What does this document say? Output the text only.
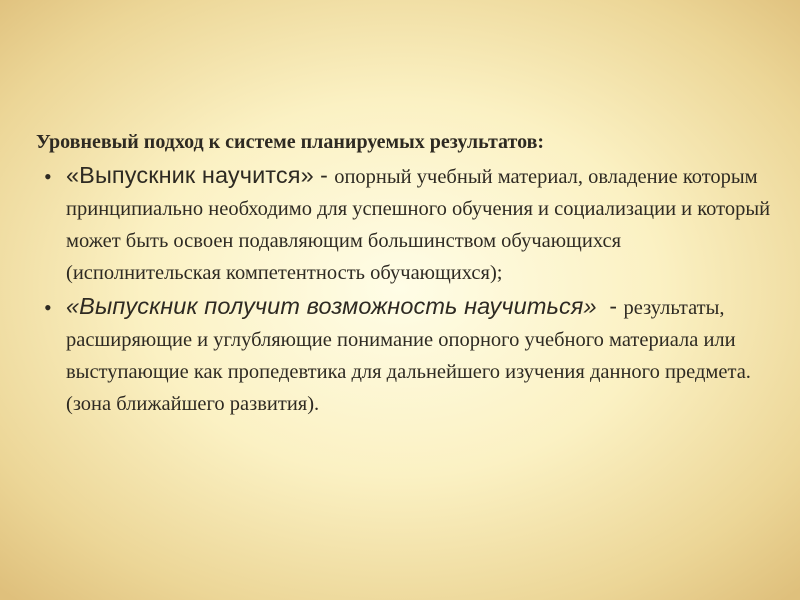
Уровневый подход к системе планируемых результатов:
• «Выпускник научится» - опорный учебный материал, овладение которым принципиально необходимо для успешного обучения и социализации и который может быть освоен подавляющим большинством обучающихся (исполнительская компетентность обучающихся);
• «Выпускник получит возможность научиться»  - результаты, расширяющие и углубляющие понимание опорного учебного материала или выступающие как пропедевтика для дальнейшего изучения данного предмета. (зона ближайшего развития).
